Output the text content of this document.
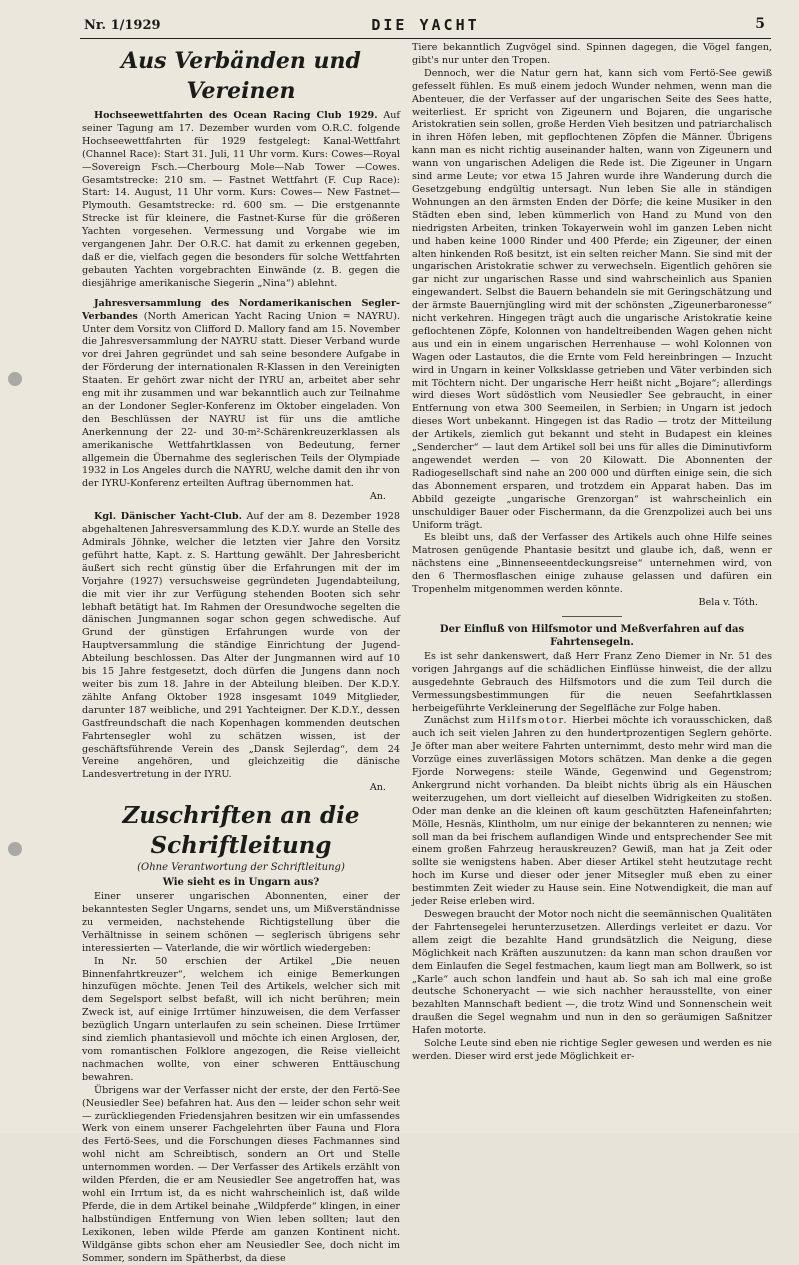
Nr. 1/1929	DIE YACHT	5
Aus Verbänden und Vereinen

Hochseewettfahrten des Ocean Racing Club 1929. Auf seiner Tagung am 17. Dezember wurden vom O.R.C. folgende Hochseewettfahrten für 1929 festgelegt: Kanal-Wettfahrt (Channel Race): Start 31. Juli, 11 Uhr vorm. Kurs: Cowes—Royal—Sovereign Fsch.—Cherbourg Mole—Nab Tower —Cowes. Gesamtstrecke: 210 sm. — Fastnet Wettfahrt (F. Cup Race): Start: 14. August, 11 Uhr vorm. Kurs: Cowes— New Fastnet—Plymouth. Gesamtstrecke: rd. 600 sm. — Die erstgenannte Strecke ist für kleinere, die Fastnet-Kurse für die größeren Yachten vorgesehen. Vermessung und Vorgabe wie im vergangenen Jahr. Der O.R.C. hat damit zu erkennen gegeben, daß er die, vielfach gegen die besonders für solche Wettfahrten gebauten Yachten vorgebrachten Einwände (z. B. gegen die diesjährige amerikanische Siegerin „Nina“) ablehnt.

Jahresversammlung des Nordamerikanischen Segler-Verbandes (North American Yacht Racing Union = NAYRU). Unter dem Vorsitz von Clifford D. Mallory fand am 15. November die Jahresversammlung der NAYRU statt. Dieser Verband wurde vor drei Jahren gegründet und sah seine besondere Aufgabe in der Förderung der internationalen R-Klassen in den Vereinigten Staaten. Er gehört zwar nicht der IYRU an, arbeitet aber sehr eng mit ihr zusammen und war bekanntlich auch zur Teilnahme an der Londoner Segler-Konferenz im Oktober eingeladen. Von den Beschlüssen der NAYRU ist für uns die amtliche Anerkennung der 22- und 30-m²-Schärenkreuzerklassen als amerikanische Wettfahrtklassen von Bedeutung, ferner allgemein die Übernahme des seglerischen Teils der Olympiade 1932 in Los Angeles durch die NAYRU, welche damit den ihr von der IYRU-Konferenz erteilten Auftrag übernommen hat.

An.

Kgl. Dänischer Yacht-Club. Auf der am 8. Dezember 1928 abgehaltenen Jahresversammlung des K.D.Y. wurde an Stelle des Admirals Jöhnke, welcher die letzten vier Jahre den Vorsitz geführt hatte, Kapt. z. S. Harttung gewählt. Der Jahresbericht äußert sich recht günstig über die Erfahrungen mit der im Vorjahre (1927) versuchsweise gegründeten Jugendabteilung, die mit vier ihr zur Verfügung stehenden Booten sich sehr lebhaft betätigt hat. Im Rahmen der Oresundwoche segelten die dänischen Jungmannen sogar schon gegen schwedische. Auf Grund der günstigen Erfahrungen wurde von der Hauptversammlung die ständige Einrichtung der Jugend-Abteilung beschlossen. Das Alter der Jungmannen wird auf 10 bis 15 Jahre festgesetzt, doch dürfen die Jungens dann noch weiter bis zum 18. Jahre in der Abteilung bleiben. Der K.D.Y. zählte Anfang Oktober 1928 insgesamt 1049 Mitglieder, darunter 187 weibliche, und 291 Yachteigner. Der K.D.Y., dessen Gastfreundschaft die nach Kopenhagen kommenden deutschen Fahrtensegler wohl zu schätzen wissen, ist der geschäftsführende Verein des „Dansk Sejlerdag“, dem 24 Vereine angehören, und gleichzeitig die dänische Landesvertretung in der IYRU.

An.
Zuschriften an die Schriftleitung
(Ohne Verantwortung der Schriftleitung)
Wie sieht es in Ungarn aus?

Einer unserer ungarischen Abonnenten, einer der bekanntesten Segler Ungarns, sendet uns, um Mißverständnisse zu vermeiden, nachstehende Richtigstellung über die Verhältnisse in seinem schönen — seglerisch übrigens sehr interessierten — Vaterlande, die wir wörtlich wiedergeben:

In Nr. 50 erschien der Artikel „Die neuen Binnenfahrtkreuzer“, welchem ich einige Bemerkungen hinzufügen möchte. Jenen Teil des Artikels, welcher sich mit dem Segelsport selbst befaßt, will ich nicht berühren; mein Zweck ist, auf einige Irrtümer hinzuweisen, die dem Verfasser bezüglich Ungarn unterlaufen zu sein scheinen. Diese Irrtümer sind ziemlich phantasievoll und möchte ich einen Arglosen, der, vom romantischen Folklore angezogen, die Reise vielleicht nachmachen wollte, von einer schweren Enttäuschung bewahren.

Übrigens war der Verfasser nicht der erste, der den Fertö-See (Neusiedler See) befahren hat. Aus den — leider schon sehr weit — zurückliegenden Friedensjahren besitzen wir ein umfassendes Werk von einem unserer Fachgelehrten über Fauna und Flora des Fertö-Sees, und die Forschungen dieses Fachmannes sind wohl nicht am Schreibtisch, sondern an Ort und Stelle unternommen worden. — Der Verfasser des Artikels erzählt von wilden Pferden, die er am Neusiedler See angetroffen hat, was wohl ein Irrtum ist, da es nicht wahrscheinlich ist, daß wilde Pferde, die in dem Artikel beinahe „Wildpferde“ klingen, in einer halbstündigen Entfernung von Wien leben sollten; laut den Lexikonen, leben wilde Pferde am ganzen Kontinent nicht. Wildgänse gibts schon eher am Neusiedler See, doch nicht im Sommer, sondern im Spätherbst, da diese

Tiere bekanntlich Zugvögel sind. Spinnen dagegen, die Vögel fangen, gibt's nur unter den Tropen.

Dennoch, wer die Natur gern hat, kann sich vom Fertö-See gewiß gefesselt fühlen. Es muß einem jedoch Wunder nehmen, wenn man die Abenteuer, die der Verfasser auf der ungarischen Seite des Sees hatte, weiterliest. Er spricht von Zigeunern und Bojaren, die ungarische Aristokratien sein sollen, große Herden Vieh besitzen und patriarchalisch in ihren Höfen leben, mit gepflochtenen Zöpfen die Männer. Übrigens kann man es nicht richtig auseinander halten, wann von Zigeunern und wann von ungarischen Adeligen die Rede ist. Die Zigeuner in Ungarn sind arme Leute; vor etwa 15 Jahren wurde ihre Wanderung durch die Gesetzgebung endgültig untersagt. Nun leben Sie alle in ständigen Wohnungen an den ärmsten Enden der Dörfe; die keine Musiker in den Städten eben sind, leben kümmerlich von Hand zu Mund von den niedrigsten Arbeiten, trinken Tokayerwein wohl im ganzen Leben nicht und haben keine 1000 Rinder und 400 Pferde; ein Zigeuner, der einen alten hinkenden Roß besitzt, ist ein selten reicher Mann. Sie sind mit der ungarischen Aristokratie schwer zu verwechseln. Eigentlich gehören sie gar nicht zur ungarischen Rasse und sind wahrscheinlich aus Spanien eingewandert. Selbst die Bauern behandeln sie mit Geringschätzung und der ärmste Bauernjüngling wird mit der schönsten „Zigeunerbaronesse“ nicht verkehren. Hingegen trägt auch die ungarische Aristokratie keine geflochtenen Zöpfe, Kolonnen von handeltreibenden Wagen gehen nicht aus und ein in einem ungarischen Herrenhause — wohl Kolonnen von Wagen oder Lastautos, die die Ernte vom Feld hereinbringen — Inzucht wird in Ungarn in keiner Volksklasse getrieben und Väter verbinden sich mit Töchtern nicht. Der ungarische Herr heißt nicht „Bojare“; allerdings wird dieses Wort südöstlich vom Neusiedler See gebraucht, in einer Entfernung von etwa 300 Seemeilen, in Serbien; in Ungarn ist jedoch dieses Wort unbekannt. Hingegen ist das Radio — trotz der Mitteilung der Artikels, ziemlich gut bekannt und steht in Budapest ein kleines „Sendercher“ — laut dem Artikel soll bei uns für alles die Diminutivform angewendet werden — von 20 Kilowatt. Die Abonnenten der Radiogesellschaft sind nahe an 200 000 und dürften einige sein, die sich das Abonnement ersparen, und trotzdem ein Apparat haben. Das im Abbild gezeigte „ungarische Grenzorgan“ ist wahrscheinlich ein unschuldiger Bauer oder Fischermann, da die Grenzpolizei auch bei uns Uniform trägt.

Es bleibt uns, daß der Verfasser des Artikels auch ohne Hilfe seines Matrosen genügende Phantasie besitzt und glaube ich, daß, wenn er nächstens eine „Binnenseeentdeckungsreise“ unternehmen wird, von den 6 Thermosflaschen einige zuhause gelassen und dafüren ein Tropenhelm mitgenommen werden könnte.

Bela v. Tóth.
Der Einfluß von Hilfsmotor und Meßverfahren auf das Fahrtensegeln.

Es ist sehr dankenswert, daß Herr Franz Zeno Diemer in Nr. 51 des vorigen Jahrgangs auf die schädlichen Einflüsse hinweist, die der allzu ausgedehnte Gebrauch des Hilfsmotors und die zum Teil durch die Vermessungsbestimmungen für die neuen Seefahrtklassen herbeigeführte Verkleinerung der Segelfläche zur Folge haben.

Zunächst zum Hilfsmotor. Hierbei möchte ich vorausschicken, daß auch ich seit vielen Jahren zu den hundertprozentigen Seglern gehörte. Je öfter man aber weitere Fahrten unternimmt, desto mehr wird man die Vorzüge eines zuverlässigen Motors schätzen. Man denke a die gegen Fjorde Norwegens: steile Wände, Gegenwind und Gegenstrom; Ankergrund nicht vorhanden. Da bleibt nichts übrig als ein Häuschen weiterzugehen, um dort vielleicht auf dieselben Widrigkeiten zu stoßen. Oder man denke an die kleinen oft kaum geschützten Hafeneinfahrten; Mölle, Hesnäs, Klintholm, um nur einige der bekannteren zu nennen; wie soll man da bei frischem auflandigen Winde und entsprechender See mit einem großen Fahrzeug herauskreuzen? Gewiß, man hat ja Zeit oder sollte sie wenigstens haben. Aber dieser Artikel steht heutzutage recht hoch im Kurse und dieser oder jener Mitsegler muß eben zu einer bestimmten Zeit wieder zu Hause sein. Eine Notwendigkeit, die man auf jeder Reise erleben wird.

Deswegen braucht der Motor noch nicht die seemännischen Qualitäten der Fahrtensegelei herunterzusetzen. Allerdings verleitet er dazu. Vor allem zeigt die bezahlte Hand grundsätzlich die Neigung, diese Möglichkeit nach Kräften auszunutzen: da kann man schon draußen vor dem Einlaufen die Segel festmachen, kaum liegt man am Bollwerk, so ist „Karle“ auch schon landfein und haut ab. So sah ich mal eine große deutsche Schoneryacht — wie sich nachher herausstellte, von einer bezahlten Mannschaft bedient —, die trotz Wind und Sonnenschein weit draußen die Segel wegnahm und nun in den so geräumigen Saßnitzer Hafen motorte.

Solche Leute sind eben nie richtige Segler gewesen und werden es nie werden. Dieser wird erst jede Möglichkeit er-
